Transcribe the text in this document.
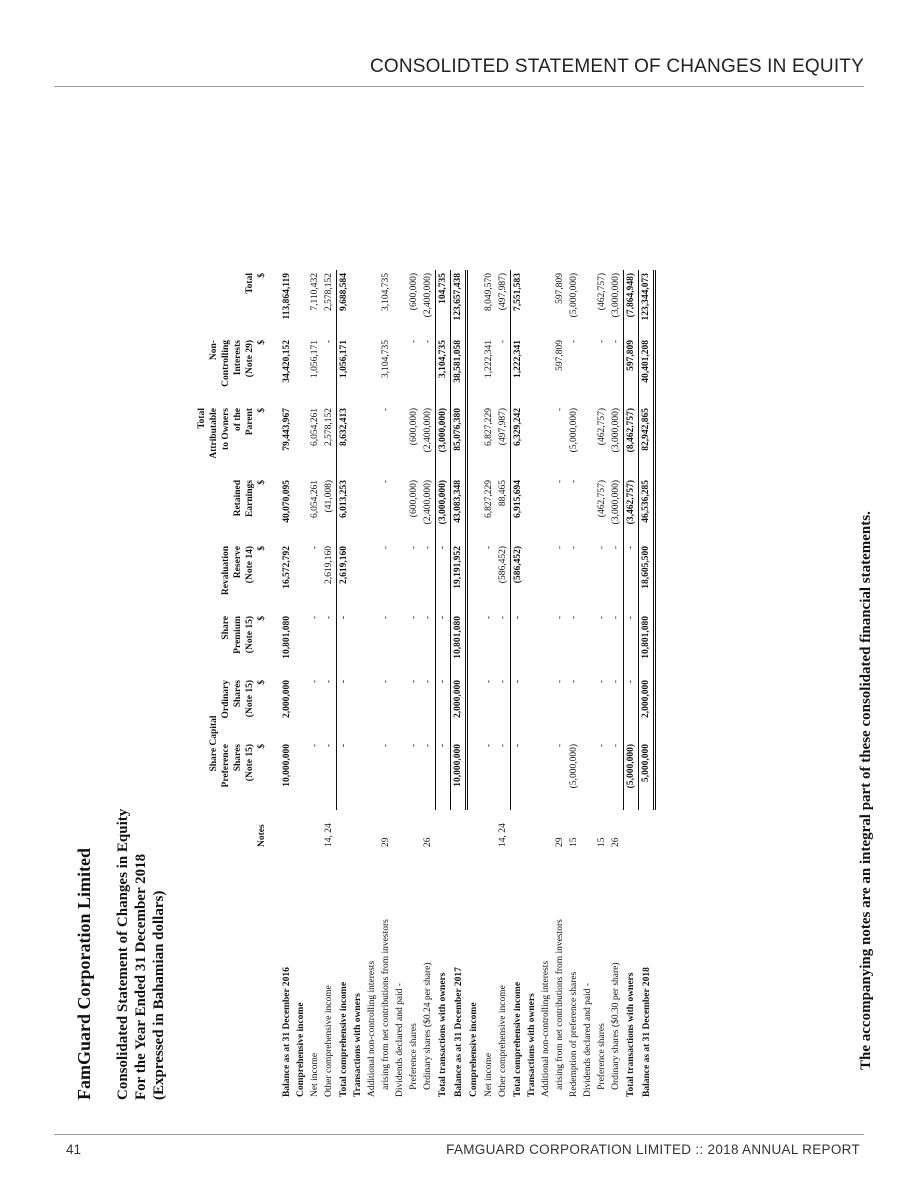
CONSOLIDTED STATEMENT OF CHANGES IN EQUITY
FamGuard Corporation Limited Consolidated Statement of Changes in Equity For the Year Ended 31 December 2018 (Expressed in Bahamian dollars)
							Total		
		Share Capital					Attributable	Non-	
		Preference	Ordinary	Share	Revaluation		to Owners	Controlling	
		Shares	Shares	Premium	Reserve	Retained	of the	Interests	
		(Note 15)	(Note 15)	(Note 15)	(Note 14)	Earnings	Parent	(Note 29)	Total
	Notes	$	$	$	$	$	$	$	$

Balance as at 31 December 2016		10,000,000	2,000,000	10,801,080	16,572,792	40,070,095	79,443,967	34,420,152	113,864,119
Comprehensive income									
Net income		-	-	-	-	6,054,261	6,054,261	1,056,171	7,110,432
Other comprehensive income	14, 24	-	-	-	2,619,160	(41,008)	2,578,152	-	2,578,152
Total comprehensive income		-	-	-	2,619,160	6,013,253	8,632,413	1,056,171	9,688,584
Transactions with owners									
Additional non-controlling interests									
arising from net contributions from investors	29	-	-	-	-	-	-	3,104,735	3,104,735
Dividends declared and paid -									
Preference shares		-	-	-	-	(600,000)	(600,000)	-	(600,000)
Ordinary shares ($0.24 per share)	26	-	-	-	-	(2,400,000)	(2,400,000)	-	(2,400,000)
Total transactions with owners		-	-	-	-	(3,000,000)	(3,000,000)	3,104,735	104,735
Balance as at 31 December 2017		10,000,000	2,000,000	10,801,080	19,191,952	43,083,348	85,076,380	38,581,058	123,657,438
Comprehensive income									
Net income		-	-	-	-	6,827,229	6,827,229	1,222,341	8,049,570
Other comprehensive income	14, 24	-	-	-	(586,452)	88,465	(497,987)	-	(497,987)
Total comprehensive income		-	-	-	(586,452)	6,915,694	6,329,242	1,222,341	7,551,583
Transactions with owners									
Additional non-controlling interests									
arising from net contributions from investors	29	-	-	-	-	-	-	597,809	597,809
Redemption of preference shares	15	(5,000,000)	-	-	-	-	(5,000,000)	-	(5,000,000)
Dividends declared and paid -									
Preference shares	15	-	-	-	-	(462,757)	(462,757)	-	(462,757)
Ordinary shares ($0.30 per share)	26	-	-	-	-	(3,000,000)	(3,000,000)	-	(3,000,000)
Total transactions with owners		(5,000,000)	-	-	-	(3,462,757)	(8,462,757)	597,809	(7,864,948)
Balance as at 31 December 2018		5,000,000	2,000,000	10,801,080	18,605,500	46,536,285	82,942,865	40,401,208	123,344,073
The accompanying notes are an integral part of these consolidated financial statements.
41	FAMGUARD CORPORATION LIMITED :: 2018 ANNUAL REPORT
